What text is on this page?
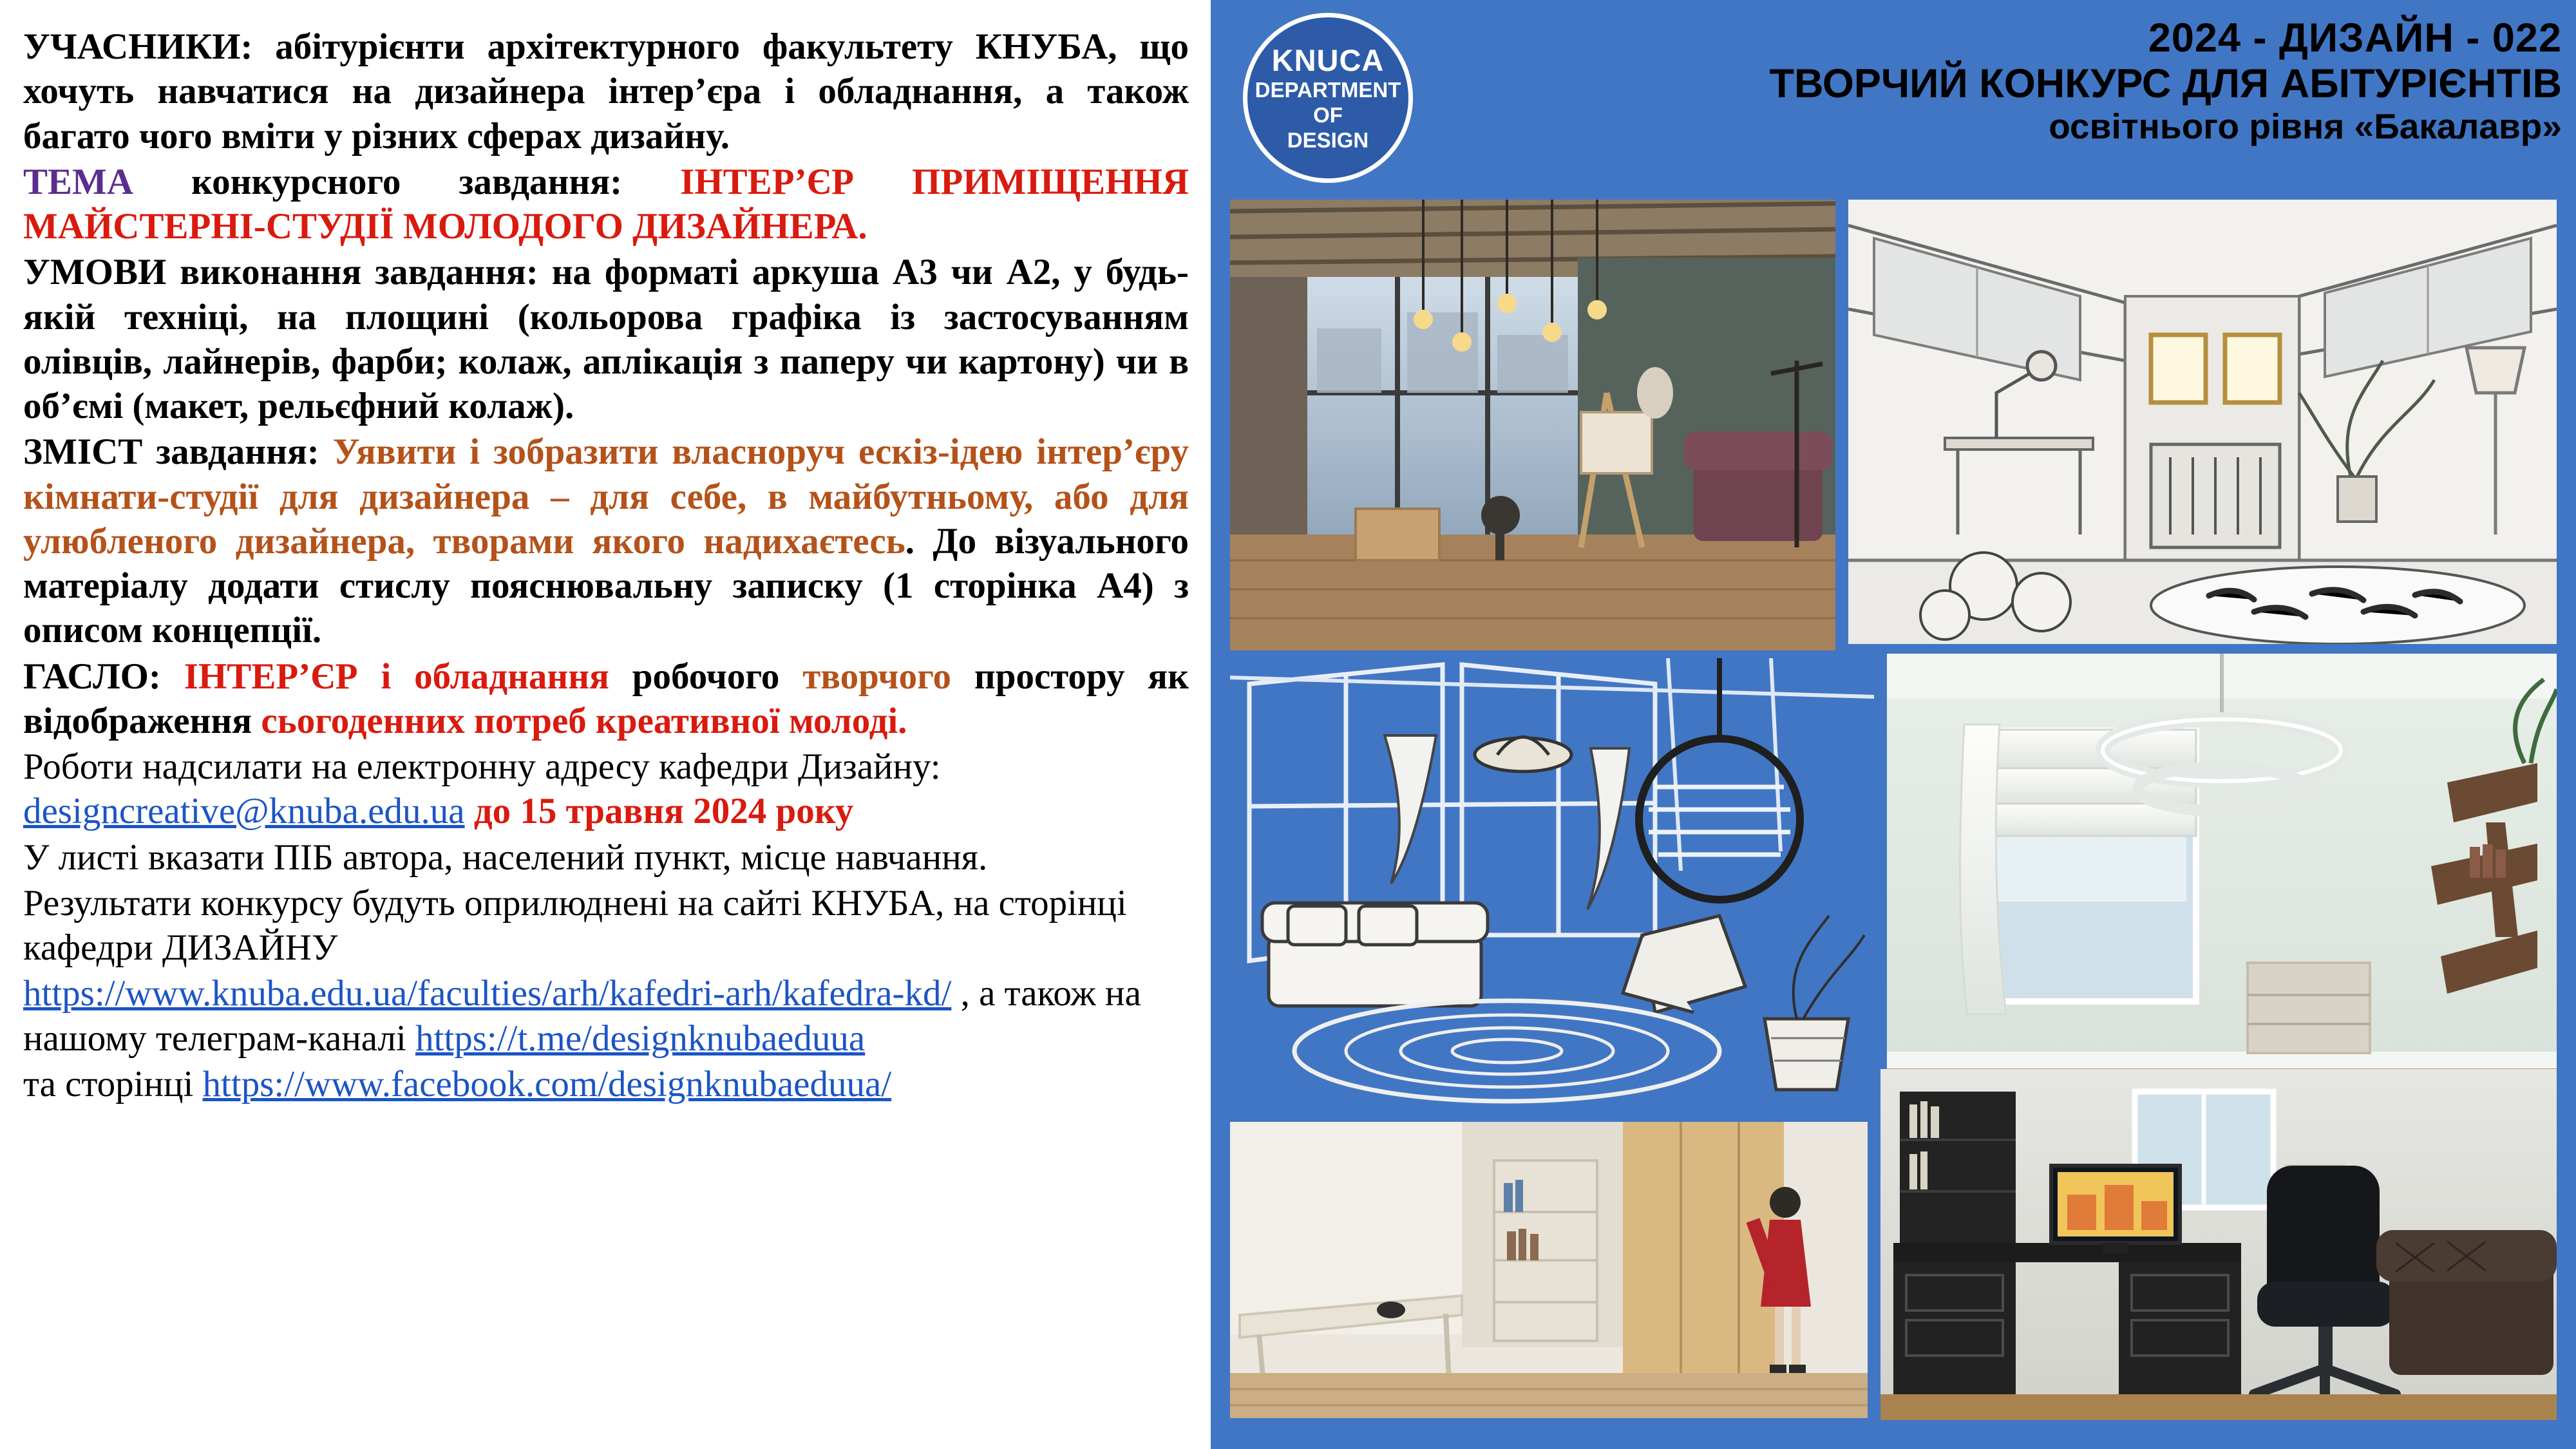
УЧАСНИКИ: абітурієнти архітектурного факультету КНУБА, що хочуть навчатися на дизайнера інтер’єра і обладнання, а також багато чого вміти у різних сферах дизайну.

ТЕМА конкурсного завдання: ІНТЕР’ЄР ПРИМІЩЕННЯ МАЙСТЕРНІ-СТУДІЇ МОЛОДОГО ДИЗАЙНЕРА.

УМОВИ виконання завдання: на форматі аркуша А3 чи А2, у будь-якій техніці, на площині (кольорова графіка із застосуванням олівців, лайнерів, фарби; колаж, аплікація з паперу чи картону) чи в об’ємі (макет, рельєфний колаж).

ЗМІСТ завдання: Уявити і зобразити власноруч ескіз-ідею інтер’єру кімнати-студії для дизайнера – для себе, в майбутньому, або для улюбленого дизайнера, творами якого надихаєтесь. До візуального матеріалу додати стислу пояснювальну записку (1 сторінка А4) з описом концепції.

ГАСЛО: ІНТЕР’ЄР і обладнання робочого творчого простору як відображення сьогоденних потреб креативної молоді.

Роботи надсилати на електронну адресу кафедри Дизайну:
designcreative@knuba.edu.ua до 15 травня 2024 року

У листі вказати ПІБ автора, населений пункт, місце навчання.

Результати конкурсу будуть оприлюднені на сайті КНУБА, на сторінці кафедри ДИЗАЙНУ

https://www.knuba.edu.ua/faculties/arh/kafedri-arh/kafedra-kd/ , а також на нашому телеграм-каналі https://t.me/designknubaeduua

та сторінці https://www.facebook.com/designknubaeduua/

KNUCA
DEPARTMENT
OF
DESIGN
2024 - ДИЗАЙН - 022
ТВОРЧИЙ КОНКУРС ДЛЯ АБІТУРІЄНТІВ
освітнього рівня «Бакалавр»
